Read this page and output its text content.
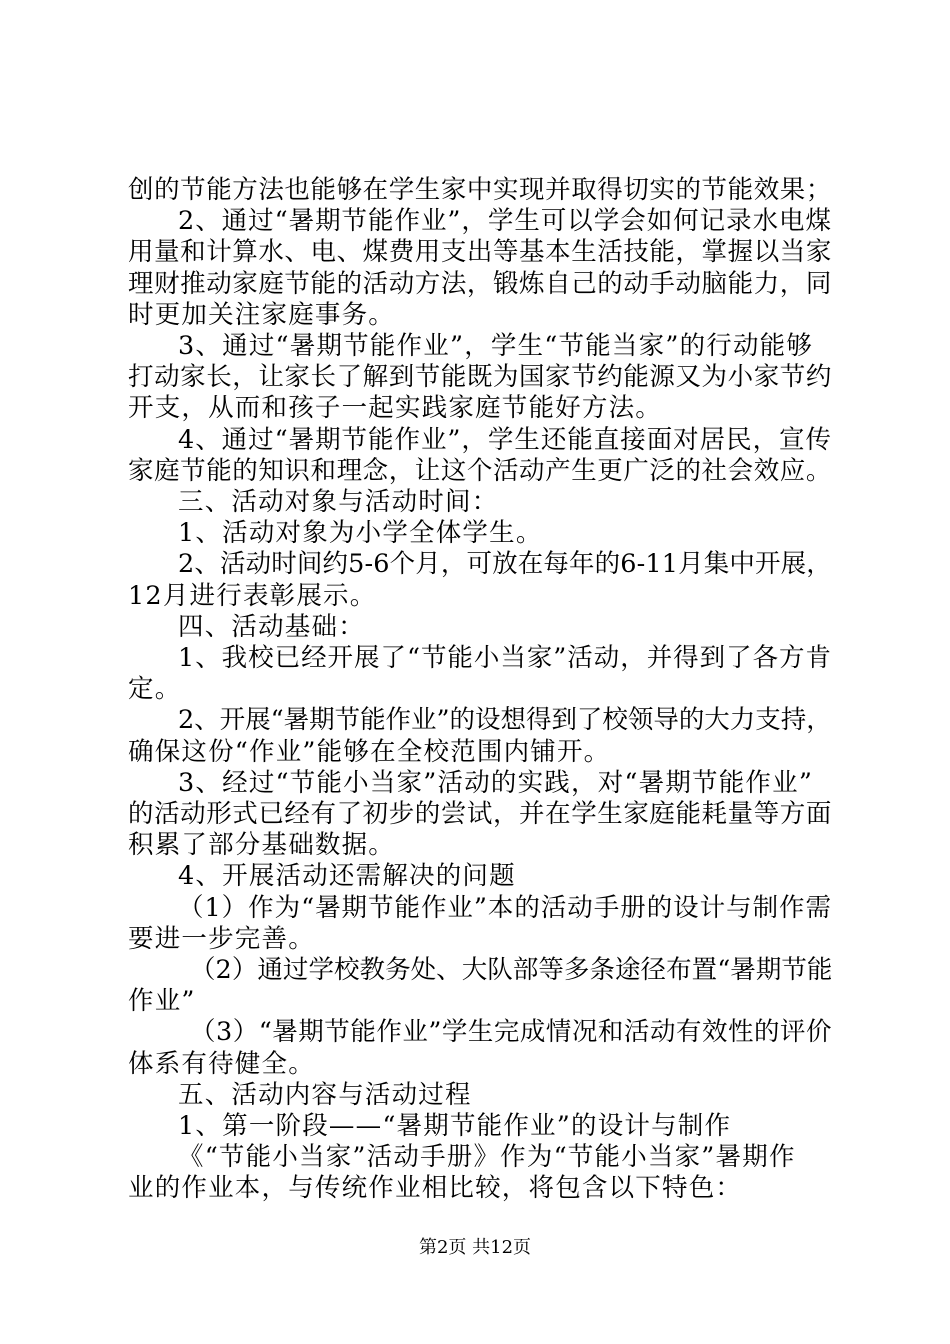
创的节能方法也能够在学生家中实现并取得切实的节能效果；
2、通过“暑期节能作业”，学生可以学会如何记录水电煤
用量和计算水、电、煤费用支出等基本生活技能，掌握以当家
理财推动家庭节能的活动方法，锻炼自己的动手动脑能力，同
时更加关注家庭事务。
3、通过“暑期节能作业”，学生“节能当家”的行动能够
打动家长，让家长了解到节能既为国家节约能源又为小家节约
开支，从而和孩子一起实践家庭节能好方法。
4、通过“暑期节能作业”，学生还能直接面对居民，宣传
家庭节能的知识和理念，让这个活动产生更广泛的社会效应。
三、活动对象与活动时间：
1、活动对象为小学全体学生。
2、活动时间约5-6个月，可放在每年的6-11月集中开展，
12月进行表彰展示。
四、活动基础：
1、我校已经开展了“节能小当家”活动，并得到了各方肯
定。
2、开展“暑期节能作业”的设想得到了校领导的大力支持，
确保这份“作业”能够在全校范围内铺开。
3、经过“节能小当家”活动的实践，对“暑期节能作业”
的活动形式已经有了初步的尝试，并在学生家庭能耗量等方面
积累了部分基础数据。
4、开展活动还需解决的问题
（1）作为“暑期节能作业”本的活动手册的设计与制作需
要进一步完善。
（2）通过学校教务处、大队部等多条途径布置“暑期节能
作业”
（3）“暑期节能作业”学生完成情况和活动有效性的评价
体系有待健全。
五、活动内容与活动过程
1、第一阶段——“暑期节能作业”的设计与制作
《“节能小当家”活动手册》作为“节能小当家”暑期作
业的作业本，与传统作业相比较，将包含以下特色：
第2页 共12页
